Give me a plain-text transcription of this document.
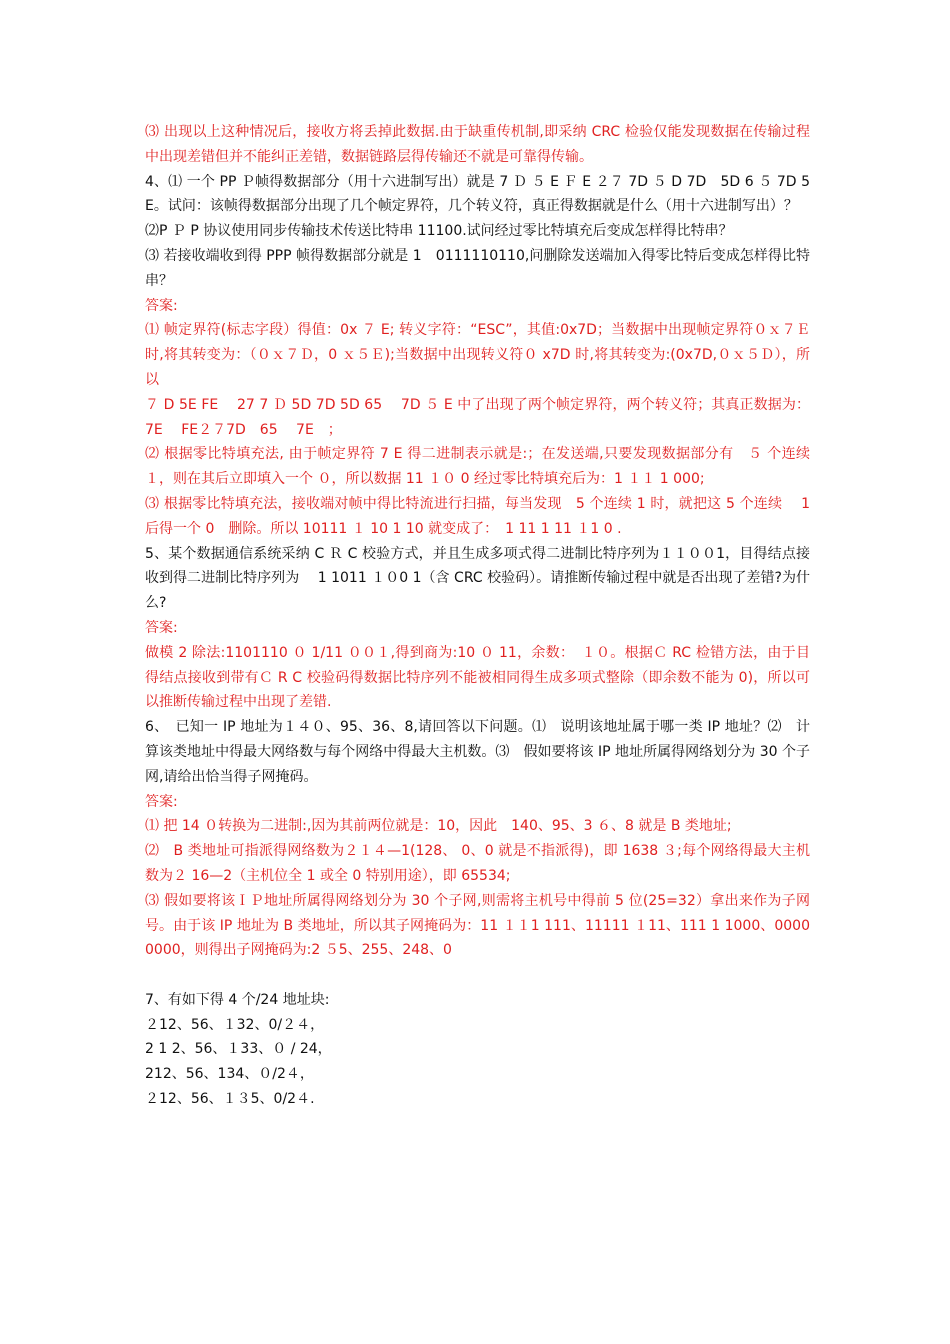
⑶ 出现以上这种情况后，接收方将丢掉此数据.由于缺重传机制,即采纳 CRC 检验仅能发现数据在传输过程中出现差错但并不能纠正差错，数据链路层得传输还不就是可靠得传输。

4、⑴ 一个 PP Ｐ帧得数据部分（用十六进制写出）就是 7 Ｄ ５ E Ｆ E ２７ 7D ５ D 7D　5D 6 ５ 7D 5E。试问：该帧得数据部分出现了几个帧定界符，几个转义符，真正得数据就是什么（用十六进制写出）？

⑵P Ｐ P 协议使用同步传输技术传送比特串 11100.试问经过零比特填充后变成怎样得比特串？

⑶ 若接收端收到得 PPP 帧得数据部分就是 1　0111110110,问删除发送端加入得零比特后变成怎样得比特串？

答案:

⑴ 帧定界符(标志字段）得值：0x ７ E; 转义字符：“ESC”，其值:0x7D；当数据中出现帧定界符０ｘ７Ｅ时,将其转变为：（０ｘ７Ｄ，0 ｘ５Ｅ);当数据中出现转义符０ x7D 时,将其转变为:(0x7D,０ｘ５Ｄ），所以

７ D 5E FE　 27 7 Ｄ 5D 7D 5D 65　 7D ５ E 中了出现了两个帧定界符，两个转义符；其真正数据为：7E　 FE２７7D　65　 7E　；

⑵ 根据零比特填充法, 由于帧定界符 7 E 得二进制表示就是:；在发送端,只要发现数据部分有　５ 个连续 １，则在其后立即填入一个 ０，所以数据 11 １０ 0 经过零比特填充后为：1 １１ 1 000;

⑶ 根据零比特填充法，接收端对帧中得比特流进行扫描，每当发现　5 个连续 1 时，就把这 5 个连续　 1 后得一个 0　删除。所以 10111 １ 10 1 10 就变成了：　1 11 1 11 １1 0 .

5、某个数据通信系统采纳 C Ｒ C 校验方式，并且生成多项式得二进制比特序列为１１００1，目得结点接收到得二进制比特序列为　 1 1011 １０0 1（含 CRC 校验码）。请推断传输过程中就是否出现了差错?为什么?

答案:

做模 2 除法:1101110 ０ 1/11 ００１,得到商为:10 ０ 11，余数：　１０。根据Ｃ RC 检错方法，由于目得结点接收到带有Ｃ R C 校验码得数据比特序列不能被相同得生成多项式整除（即余数不能为 0)，所以可以推断传输过程中出现了差错.

6、　已知一 IP 地址为１４０、95、36、8,请回答以下问题。⑴　说明该地址属于哪一类 IP 地址？⑵　计算该类地址中得最大网络数与每个网络中得最大主机数。⑶　假如要将该 IP 地址所属得网络划分为 30 个子网,请给出恰当得子网掩码。

答案:

⑴ 把 14 ０转换为二进制:,因为其前两位就是：10，因此　140、95、3 ６、8 就是 B 类地址;

⑵　B 类地址可指派得网络数为２１４—1(128、 0、0 就是不指派得)，即 1638 ３;每个网络得最大主机数为２ 16—2（主机位全 1 或全 0 特别用途），即 65534;

⑶ 假如要将该ＩＰ地址所属得网络划分为 30 个子网,则需将主机号中得前 5 位(25=32）拿出来作为子网号。由于该 IP 地址为 B 类地址，所以其子网掩码为：11 １１1 111、11111 １11、111 1 1000、00000000，则得出子网掩码为:2 ５5、255、248、0

7、有如下得 4 个/24 地址块:

２12、56、１32、0/２４，

2 1 2、56、１33、０ / 24，

212、56、134、０/2４，

２12、56、１３5、0/2４.
